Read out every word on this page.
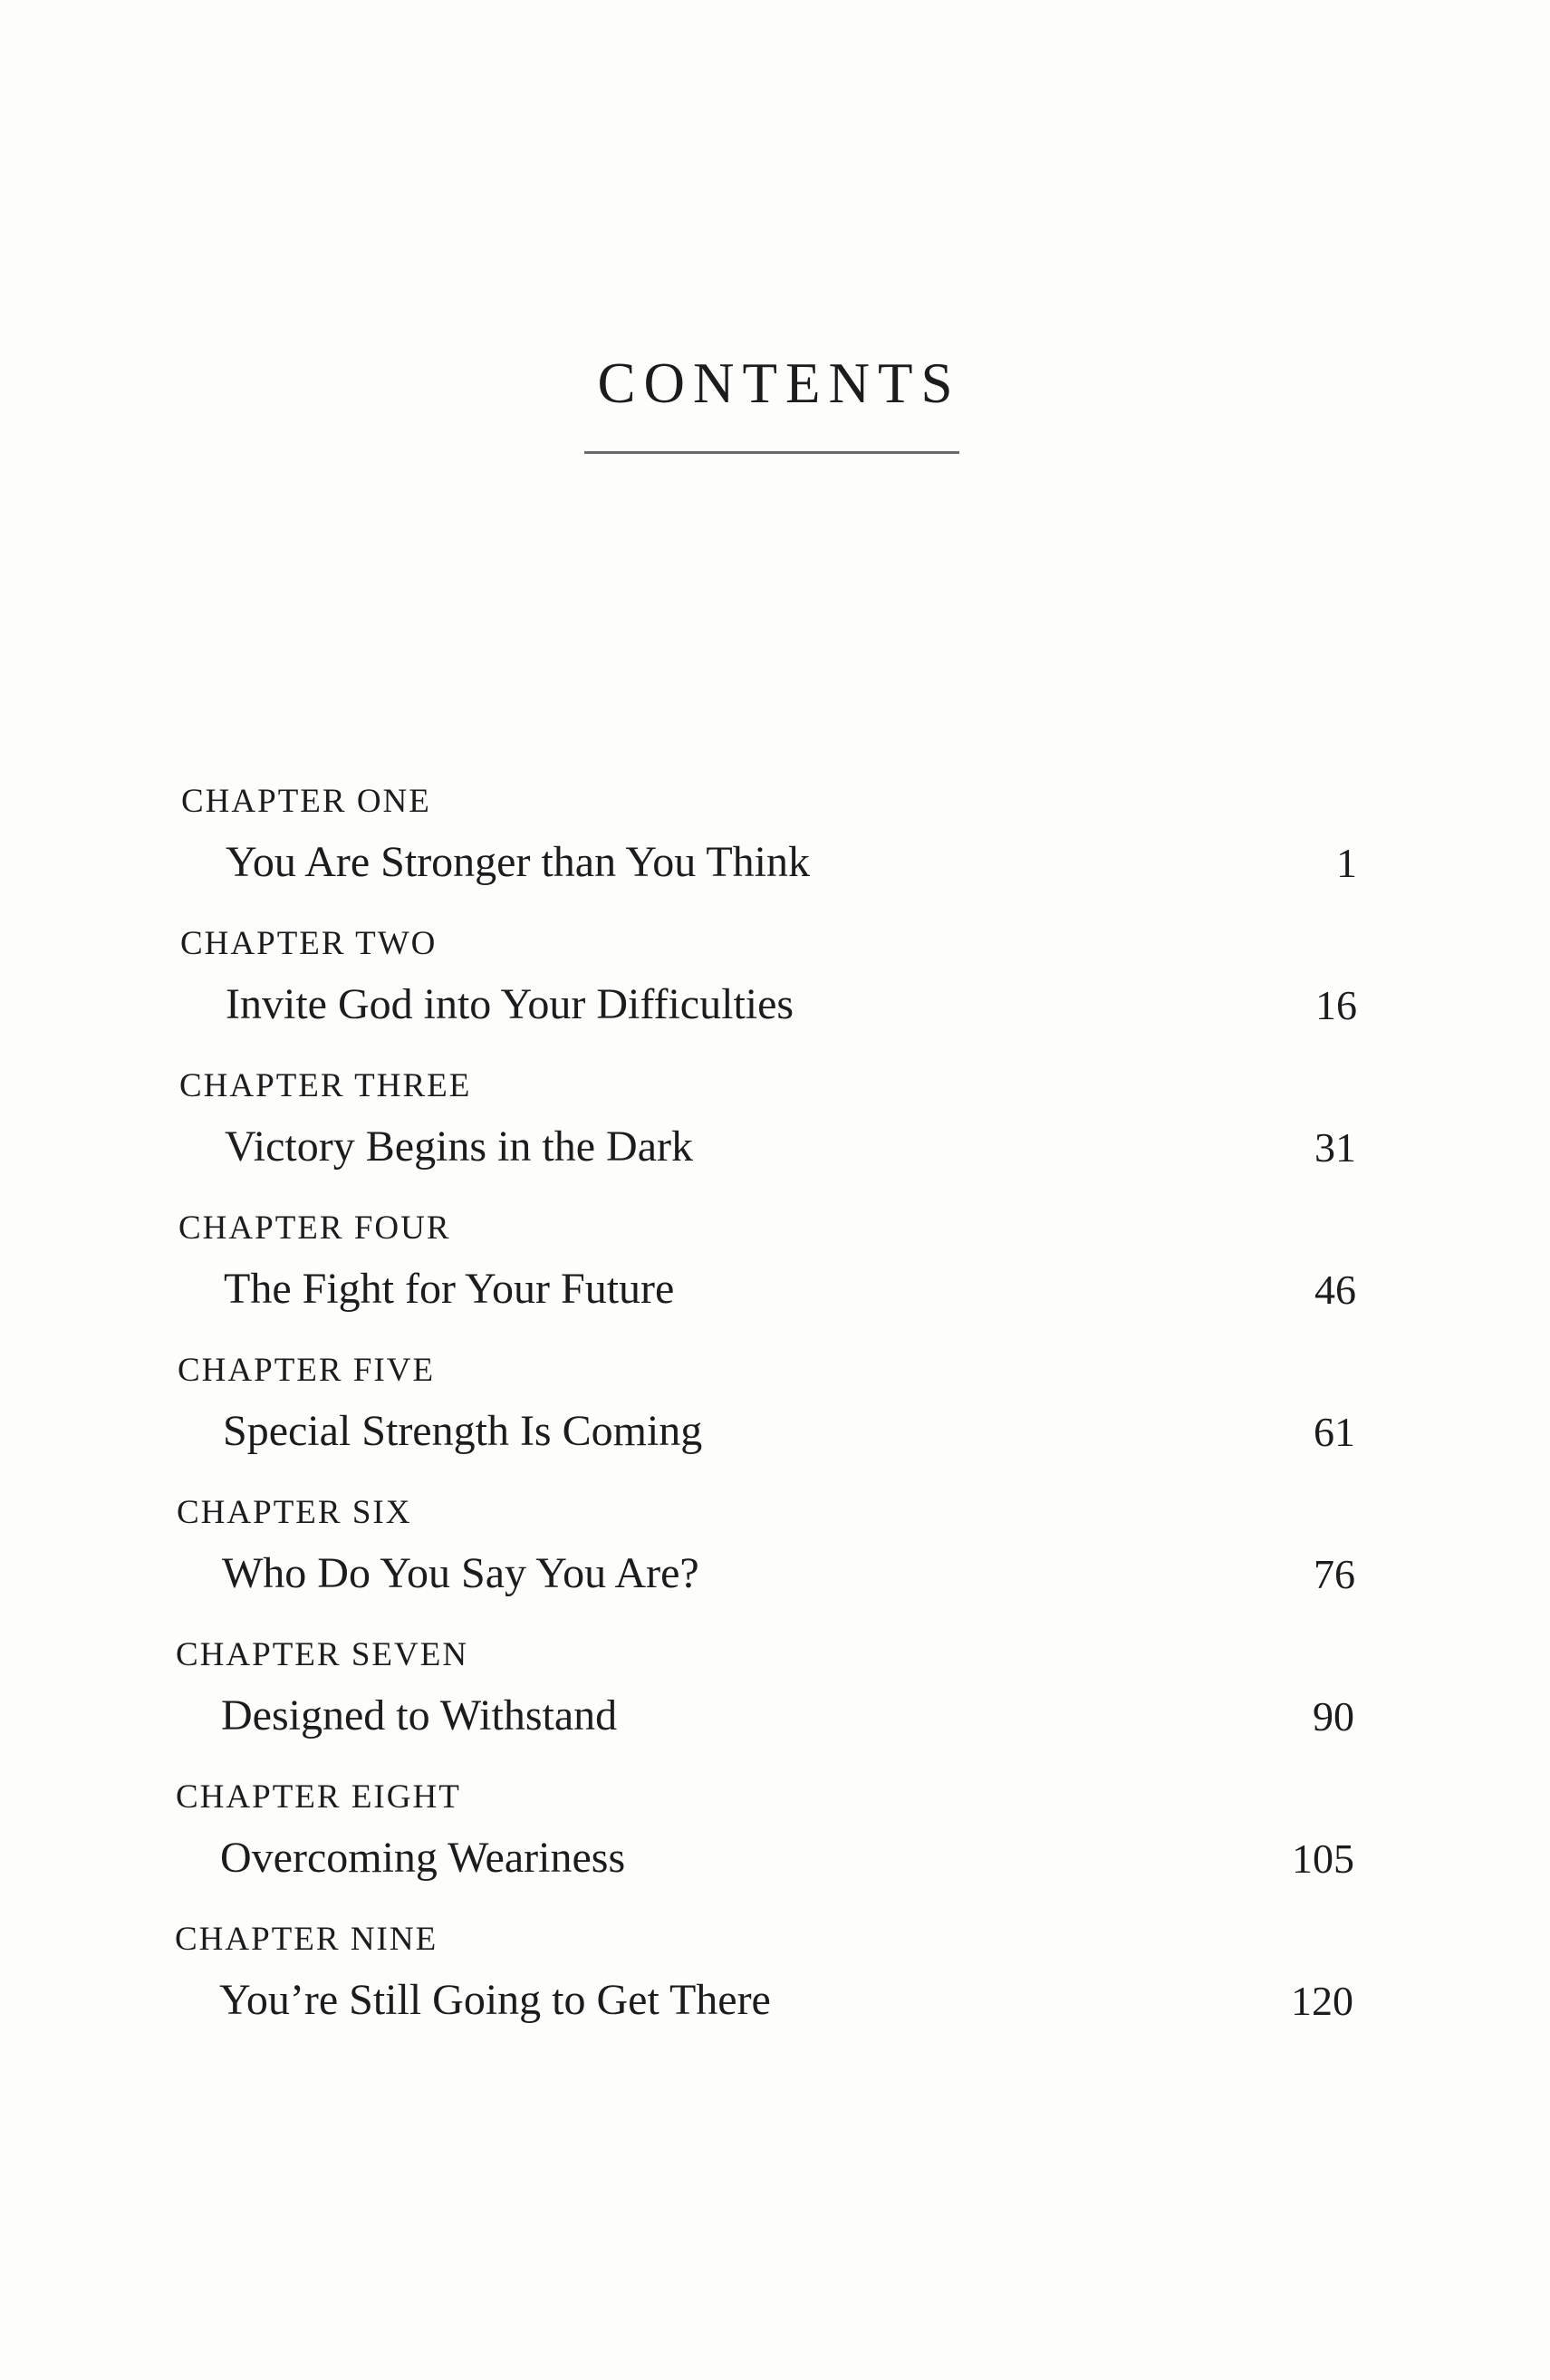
CONTENTS
CHAPTER ONE
You Are Stronger than You Think	1
CHAPTER TWO
Invite God into Your Difficulties	16
CHAPTER THREE
Victory Begins in the Dark	31
CHAPTER FOUR
The Fight for Your Future	46
CHAPTER FIVE
Special Strength Is Coming	61
CHAPTER SIX
Who Do You Say You Are?	76
CHAPTER SEVEN
Designed to Withstand	90
CHAPTER EIGHT
Overcoming Weariness	105
CHAPTER NINE
You’re Still Going to Get There	120
